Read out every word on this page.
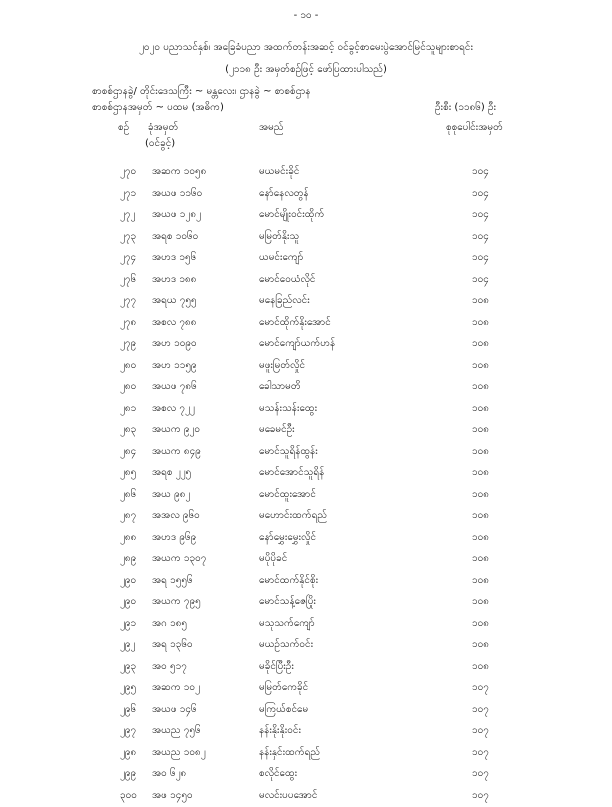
- ၁၀ -
၂၀၂၀ ပညာသင်နှစ်၊ အခြေခံပညာ အထက်တန်းအဆင့် ဝင်ခွင့်စာမေးပွဲအောင်မြင်သူများစာရင်း
(၂၁၁၈ ဦး အမှတ်စဉ်ဖြင့် ဖော်ပြထားပါသည်)
စာစစ်ဌာနခွဲ/ တိုင်းဒေသကြီး ~ မန္တလေး၊ ဌာနခွဲ ~ စာစစ်ဌာန
စာစစ်ဌာနအမှတ် ~ ပထမ (အဓိက)	ဦးစီး (၁၁၈၆) ဦး
စဉ် ခုံအမှတ်
(ဝင်ခွင့်)
အမည်	စုစုပေါင်းအမှတ်
၂၇၀ အဆက ၁၀၅၈	မယမင်းခိုင်	၁၀၄
၂၇၁ အယဖ ၁၁၆၀	နော်နေလတွန်	၁၀၄
၂၇၂ အယဖ ၁၂၈၂	မောင်မျိုးဝင်းထိုက်	၁၀၄
၂၇၃ အရစ ၁၀၆၀	မမြတ်နိုးသူ	၁၀၄
၂၇၄ အဟဒ ၁၅၆	ယမင်းကျော်	၁၀၄
၂၇၆ အဟဒ ၁၈၈	မောင်ဝေယံလိုင်	၁၀၄
၂၇၇ အရယ ၇၅၅	မနေခြည်လင်း	၁၀၈
၂၇၈ အစလ ၇၈၈	မောင်ထိုက်နိုးအောင်	၁၀၈
၂၇၉ အဟ ၁၀၉၀	မောင်ကျော်ယက်ဟန်	၁၀၈
၂၈၀ အဟ ၁၁၅၉	မဖူးမြတ်လှိုင်	၁၀၈
၂၈၀ အယဖ ၇၈၆	ခေါသာမတိ	၁၀၈
၂၈၁ အစလ ၇၂၂	မသန်းသန်းထွေး	၁၀၈
၂၈၃ အယက ၉၂၀	မခေမင်ဦး	၁၀၈
၂၈၄ အယက ၈၄၉	မောင်သူရိန်ထွန်း	၁၀၈
၂၈၅ အရစ ၂၂၅	မောင်အောင်သူရိန်	၁၀၈
၂၈၆ အယ ၉၈၂	မောင်ထူးအောင်	၁၀၈
၂၈၇ အအလ ၉၆ဝ	မဟောင်းထက်ရည်	၁၀၈
၂၈၈ အဟဒ ၉၆၉	နော်မွှေးမွှေးလှိုင်	၁၀၈
၂၈၉ အယက ၁၃၀၇	မပိုပိုခင်	၁၀၈
၂၉၀ အရ ၁၅၅၆	မောင်ထက်နိုင်စိုး	၁၀၈
၂၉၀ အယက ၇၉၅	မောင်သန့်ဇေပြိုး	၁၀၈
၂၉၁ အဂ ၁၈၅	မသုသက်ကျော်	၁၀၈
၂၉၂ အရ ၁၃၆၀	မယဉ်သက်ဝင်း	၁၀၈
၂၉၃ အဝ ၅၁၇	မခိုင်ပြီးဦး	၁၀၈
၂၉၅ အဆက ၁၀၂	မမြတ်ကေခိုင်	၁၀၇
၂၉၆ အယဖ ၁၄၆	မကြယ်စင်မေ	၁၀၇
၂၉၇ အယည ၇၅၆	နန်းနိုးနိုးဝင်း	၁၀၇
၂၉၈ အယည ၁၀၈၂	နန်းနှင်းထက်ရည်	၁၀၇
၂၉၉ အဝ ၆၂၈	စလိုင်ထွေး	၁၀၇
၃၀၀ အဖ ၁၄၅၀	မလင်းပပအောင်	၁၀၇
